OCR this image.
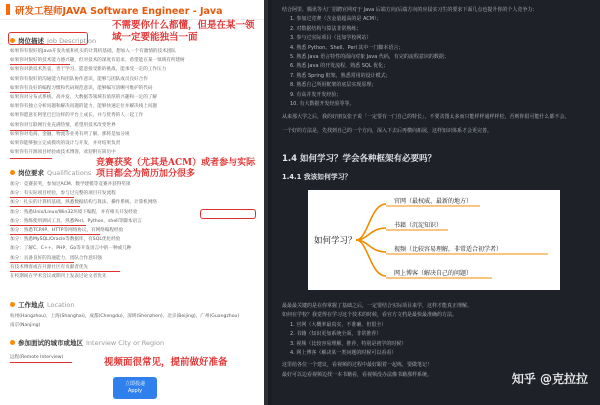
研发工程师JAVA Software Engineer - Java
不需要你什么都懂，但是在某一领域一定要能独当一面
岗位描述 Job Description

如果你有很好的Java开发功底和扎实的计算机基础，想加入一个有激情的技术团队

如果你对很好的技术能力感兴趣，但对技术的深度有追求，希望能在某一领域有所建树

如果你对新技术热衷，善于学习，愿意接受新的挑战，能承受一定的工作压力

如果你有很好的沟通能力和团队协作意识，能够与团队成员良好合作

如果你有良好的编程习惯和代码规范意识，能够编写清晰可维护的代码

如果你对分布式系统、高并发、大数据等领域有浓厚的兴趣和一定的了解

如果你有独立分析问题和解决问题的能力，能够快速定位并解决线上问题

如果你愿意在阿里巴巴这样的平台上成长，并与优秀的人一起工作

如果你对互联网行业充满热情，希望用技术改变世界

如果你对电商、金融、物流等业务有所了解，那将是加分项

如果你能够独立完成模块的设计与开发，并对结果负责

如果你有开源项目经验或技术博客，欢迎附在简历中

竞赛获奖（尤其是ACM）或者参与实际项目都会为简历加分很多
岗位要求 Qualifications

加分：竞赛获奖，参加过ACM、数学建模等竞赛并获得奖项

加分：有实际项目经验，参与过完整的项目开发流程

加分：扎实的计算机基础，熟悉数据结构与算法、操作系统、计算机网络

加分：熟悉Unix/Linux/Win32环境下编程，并有相关开发经验

加分：熟练使用调试工具，熟悉Perl、Python、shell等脚本语言

加分：熟悉TCP/IP、HTTP等网络协议，有网络编程经验

加分：熟悉MySQL/Oracle等数据库，有SQL优化经验

加分：了解C、C++、PHP、Go等开发语言中的一种或几种

加分：具备良好的沟通能力，团队合作意识强

有技术博客或在开源社区有贡献者优先

在校期间在学术会议或期刊上发表过论文者优先

工作地点 Location

杭州(Hangzhou)，上海(Shanghai)，成都(Chengdu)，深圳(Shenzhen)，北京(Beijing)，广州(Guangzhou)

南京(Nanjing)

参加面试的城市或地区 Interview City or Region

远程(Remote Interview)	视频面很常见，提前做好准备
立即投递
Apply

结合阿里、腾讯等大厂招聘官网对于 Java 后端方向/后端方向的应届实习生的要求下面几点也提升你的个人竞争力：

1. 参加过竞赛（含金量超高的是 ACM）；

2. 对数据结构与算法非常熟练；

3. 参与过实际项目（比如学校网站）

4. 熟悉 Python、Shell、Perl 其中一门脚本语言；

5. 熟悉 Java 语言特性的面向对象 Java 代码，有完的流程意识的数据；

6. 熟悉 Java 的开发流程，熟悉 SQL 优化；

7. 熟悉 Spring 框架，熟悉常用的设计模式；

8. 熟悉自己所用框架的底层实现原理；

9. 有高并发开发经验；

10. 有大数据开发经验等等。

从来那大学之后，我的好朋友张子说「一定要有一门自己的特长」，不要贪图太多而只能样样通样样松，否则你很可能什么都不会。

一个好的方法是，先找到自己的一个方向，深入下去后再横向拓展，这样知识体系才会更完善。

1.4 如何学习？学会各种框架有必要吗？
1.4.1 我该如何学习？
如何学习？
官网（最权威、最新的地方）
书籍（沉淀知识）
视频（比较容易理解，非常适合初学者）
网上博客（解决自己的问题）

最最最关键的是在你掌握了基础之后，一定要结合实际项目来学，这样才能真正理解。

如何在学校？我觉得在学习这个技术的时候，看官方文档是最快最准确的方法。

1. 官网（大概率最真实，不准确、但很全）

2. 书籍（知识更加系统全面，非常推荐）

3. 视频（比较容易理解，推荐，特别是初学的时候）

4. 网上博客（解决某一类问题的时候可以看看）

这里给各位一个建议，看视频的过程中最好跟着一起练，要做笔记！

最好可以边看视频边找一本书籍看，看视频没办法像书籍那样系统。	知乎 @克拉拉
